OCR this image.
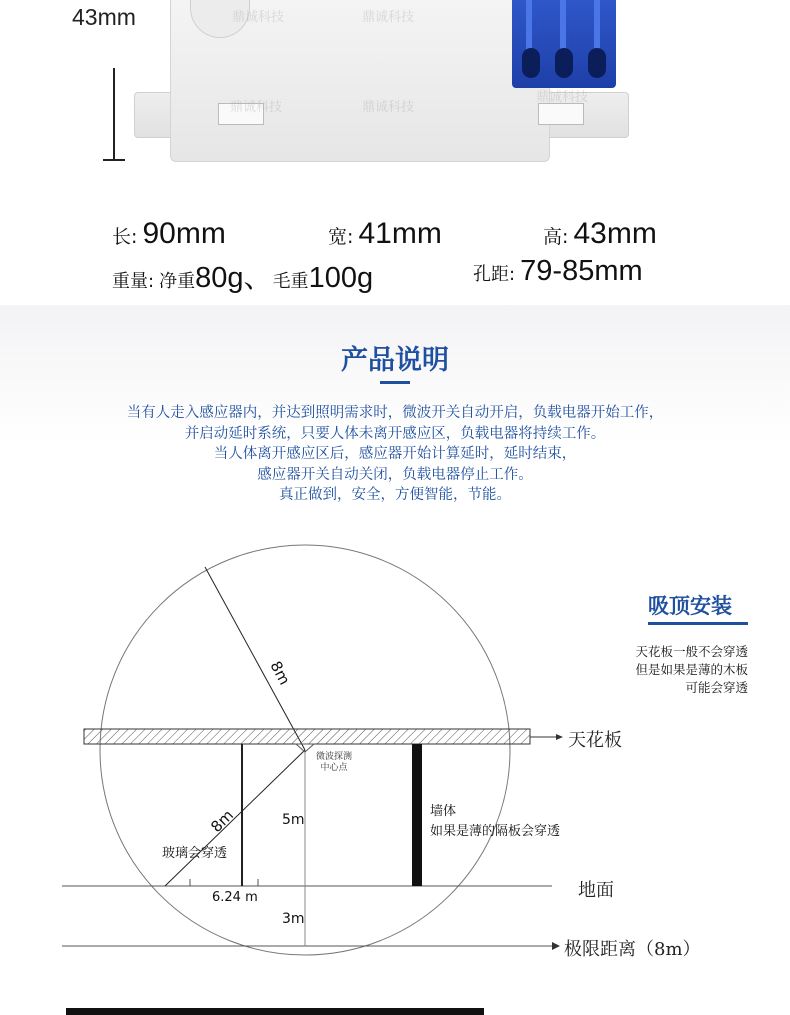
鼎诚科技	鼎诚科技
鼎诚科技	鼎诚科技
鼎诚科技
43mm
长: 90mm	宽: 41mm	高: 43mm
重量: 净重80g、毛重100g	孔距: 79-85mm
产品说明
当有人走入感应器内，并达到照明需求时，微波开关自动开启，负载电器开始工作，
并启动延时系统，只要人体未离开感应区，负载电器将持续工作。
当人体离开感应区后，感应器开始计算延时，延时结束，
感应器开关自动关闭，负载电器停止工作。
真正做到，安全，方便智能，节能。
吸顶安装
天花板一般不会穿透
但是如果是薄的木板
可能会穿透
天花板
微波探测
中心点
8m
8m	5m
3m
墙体
如果是薄的隔板会穿透
玻璃会穿透
6.24 m	地面
极限距离（8m）
